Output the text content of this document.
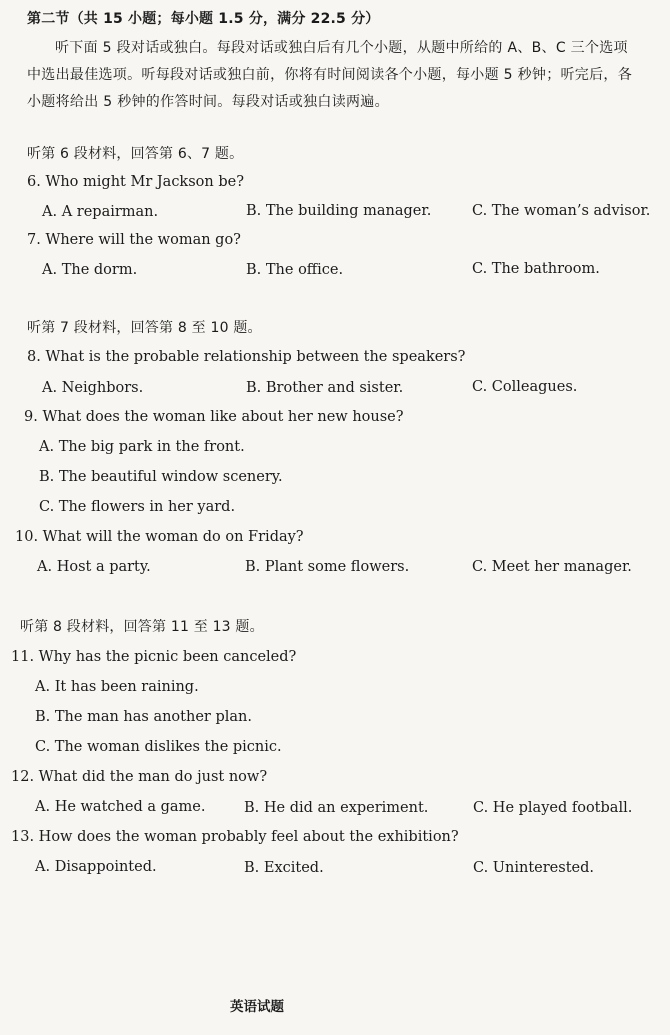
第二节（共 15 小题；每小题 1.5 分，满分 22.5 分）
听下面 5 段对话或独白。每段对话或独白后有几个小题，从题中所给的 A、B、C 三个选项中选出最佳选项。听每段对话或独白前，你将有时间阅读各个小题，每小题 5 秒钟；听完后，各小题将给出 5 秒钟的作答时间。每段对话或独白读两遍。
听第 6 段材料，回答第 6、7 题。
6. Who might Mr Jackson be?
A. A repairman.	B. The building manager.	C. The woman’s advisor.
7. Where will the woman go?
A. The dorm.	B. The office.	C. The bathroom.
听第 7 段材料，回答第 8 至 10 题。
8. What is the probable relationship between the speakers?
A. Neighbors.	B. Brother and sister.	C. Colleagues.
9. What does the woman like about her new house?
A. The big park in the front.
B. The beautiful window scenery.
C. The flowers in her yard.
10. What will the woman do on Friday?
A. Host a party.	B. Plant some flowers.	C. Meet her manager.
听第 8 段材料，回答第 11 至 13 题。
11. Why has the picnic been canceled?
A. It has been raining.
B. The man has another plan.
C. The woman dislikes the picnic.
12. What did the man do just now?
A. He watched a game.	B. He did an experiment.	C. He played football.
13. How does the woman probably feel about the exhibition?
A. Disappointed.	B. Excited.	C. Uninterested.
英语试题
